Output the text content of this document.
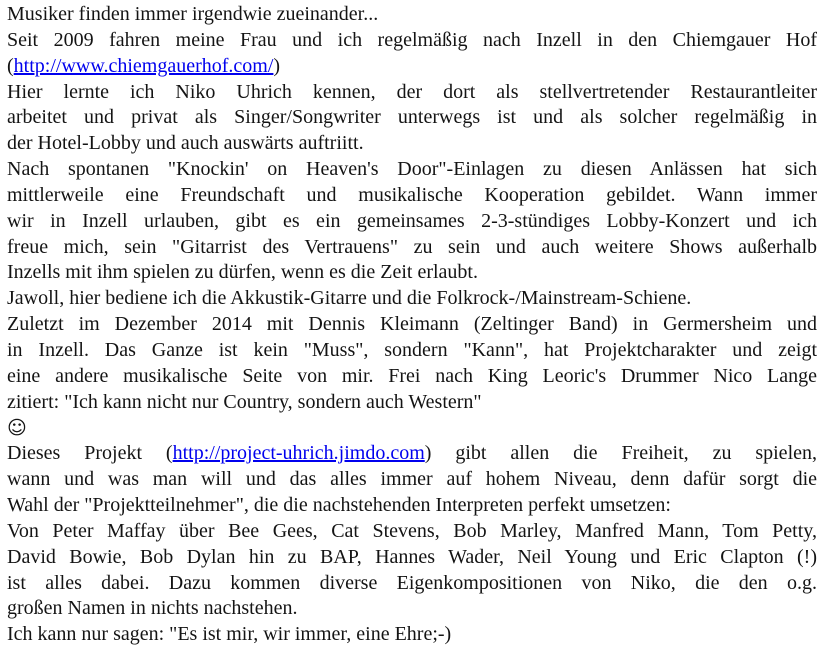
Musiker finden immer irgendwie zueinander...
Seit 2009 fahren meine Frau und ich regelmäßig nach Inzell in den Chiemgauer Hof
(http://www.chiemgauerhof.com/)
Hier lernte ich Niko Uhrich kennen, der dort als stellvertretender Restaurantleiter
arbeitet und privat als Singer/Songwriter unterwegs ist und als solcher regelmäßig in
der Hotel-Lobby und auch auswärts auftriitt.
Nach spontanen "Knockin' on Heaven's Door"-Einlagen zu diesen Anlässen hat sich
mittlerweile eine Freundschaft und musikalische Kooperation gebildet. Wann immer
wir in Inzell urlauben, gibt es ein gemeinsames 2-3-stündiges Lobby-Konzert und ich
freue mich, sein "Gitarrist des Vertrauens" zu sein und auch weitere Shows außerhalb
Inzells mit ihm spielen zu dürfen, wenn es die Zeit erlaubt.
Jawoll, hier bediene ich die Akkustik-Gitarre und die Folkrock-/Mainstream-Schiene.
Zuletzt im Dezember 2014 mit Dennis Kleimann (Zeltinger Band) in Germersheim und
in Inzell. Das Ganze ist kein "Muss", sondern "Kann", hat Projektcharakter und zeigt
eine andere musikalische Seite von mir. Frei nach King Leoric's Drummer Nico Lange
zitiert: "Ich kann nicht nur Country, sondern auch Western"
☺
Dieses Projekt (http://project-uhrich.jimdo.com) gibt allen die Freiheit, zu spielen,
wann und was man will und das alles immer auf hohem Niveau, denn dafür sorgt die
Wahl der "Projektteilnehmer", die die nachstehenden Interpreten perfekt umsetzen:
Von Peter Maffay über Bee Gees, Cat Stevens, Bob Marley, Manfred Mann, Tom Petty,
David Bowie, Bob Dylan hin zu BAP, Hannes Wader, Neil Young und Eric Clapton (!)
ist alles dabei. Dazu kommen diverse Eigenkompositionen von Niko, die den o.g.
großen Namen in nichts nachstehen.
Ich kann nur sagen: "Es ist mir, wir immer, eine Ehre;-)
